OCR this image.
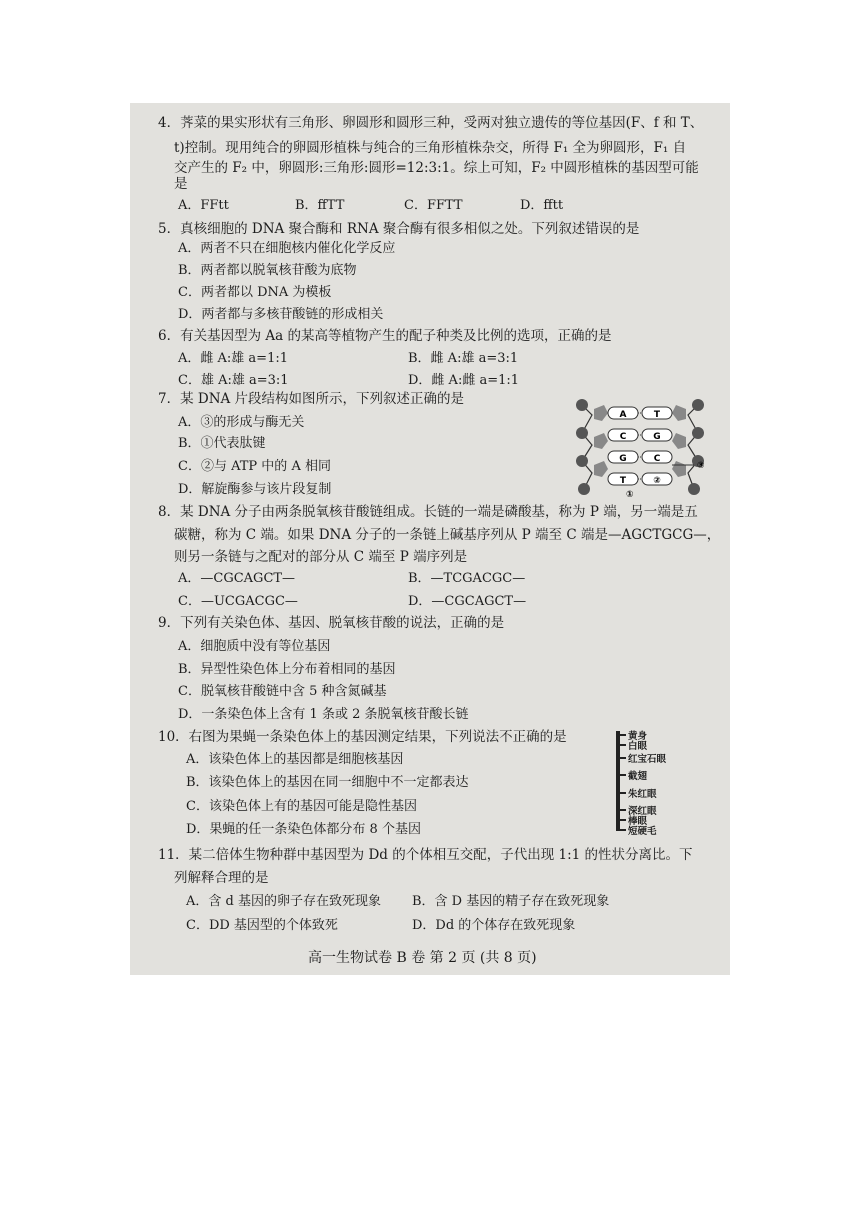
4．荠菜的果实形状有三角形、卵圆形和圆形三种，受两对独立遗传的等位基因(F、f 和 T、
t)控制。现用纯合的卵圆形植株与纯合的三角形植株杂交，所得 F₁ 全为卵圆形，F₁ 自
交产生的 F₂ 中，卵圆形:三角形:圆形=12:3:1。综上可知，F₂ 中圆形植株的基因型可能
是
A．FFtt	B．ffTT	C．FFTT	D．fftt
5．真核细胞的 DNA 聚合酶和 RNA 聚合酶有很多相似之处。下列叙述错误的是
A．两者不只在细胞核内催化化学反应
B．两者都以脱氧核苷酸为底物
C．两者都以 DNA 为模板
D．两者都与多核苷酸链的形成相关
6．有关基因型为 Aa 的某高等植物产生的配子种类及比例的选项，正确的是
A．雌 A:雄 a=1:1	B．雌 A:雄 a=3:1
C．雄 A:雄 a=3:1	D．雌 A:雌 a=1:1
7．某 DNA 片段结构如图所示，下列叙述正确的是
A．③的形成与酶无关
B．①代表肽键
C．②与 ATP 中的 A 相同
D．解旋酶参与该片段复制
A	T
C	G
G	C
T	②
③
①
8．某 DNA 分子由两条脱氧核苷酸链组成。长链的一端是磷酸基，称为 P 端，另一端是五
碳糖，称为 C 端。如果 DNA 分子的一条链上碱基序列从 P 端至 C 端是—AGCTGCG—，
则另一条链与之配对的部分从 C 端至 P 端序列是
A．—CGCAGCT—	B．—TCGACGC—
C．—UCGACGC—	D．—CGCAGCT—
9．下列有关染色体、基因、脱氧核苷酸的说法，正确的是
A．细胞质中没有等位基因
B．异型性染色体上分布着相同的基因
C．脱氧核苷酸链中含 5 种含氮碱基
D．一条染色体上含有 1 条或 2 条脱氧核苷酸长链
10．右图为果蝇一条染色体上的基因测定结果，下列说法不正确的是
A．该染色体上的基因都是细胞核基因
B．该染色体上的基因在同一细胞中不一定都表达
C．该染色体上有的基因可能是隐性基因
D．果蝇的任一条染色体都分布 8 个基因
黄身
白眼
红宝石眼
截翅
朱红眼
深红眼
棒眼
短硬毛
11．某二倍体生物种群中基因型为 Dd 的个体相互交配，子代出现 1:1 的性状分离比。下
列解释合理的是
A．含 d 基因的卵子存在致死现象 B．含 D 基因的精子存在致死现象
C．DD 基因型的个体致死	D．Dd 的个体存在致死现象
高一生物试卷 B 卷 第 2 页 (共 8 页)
